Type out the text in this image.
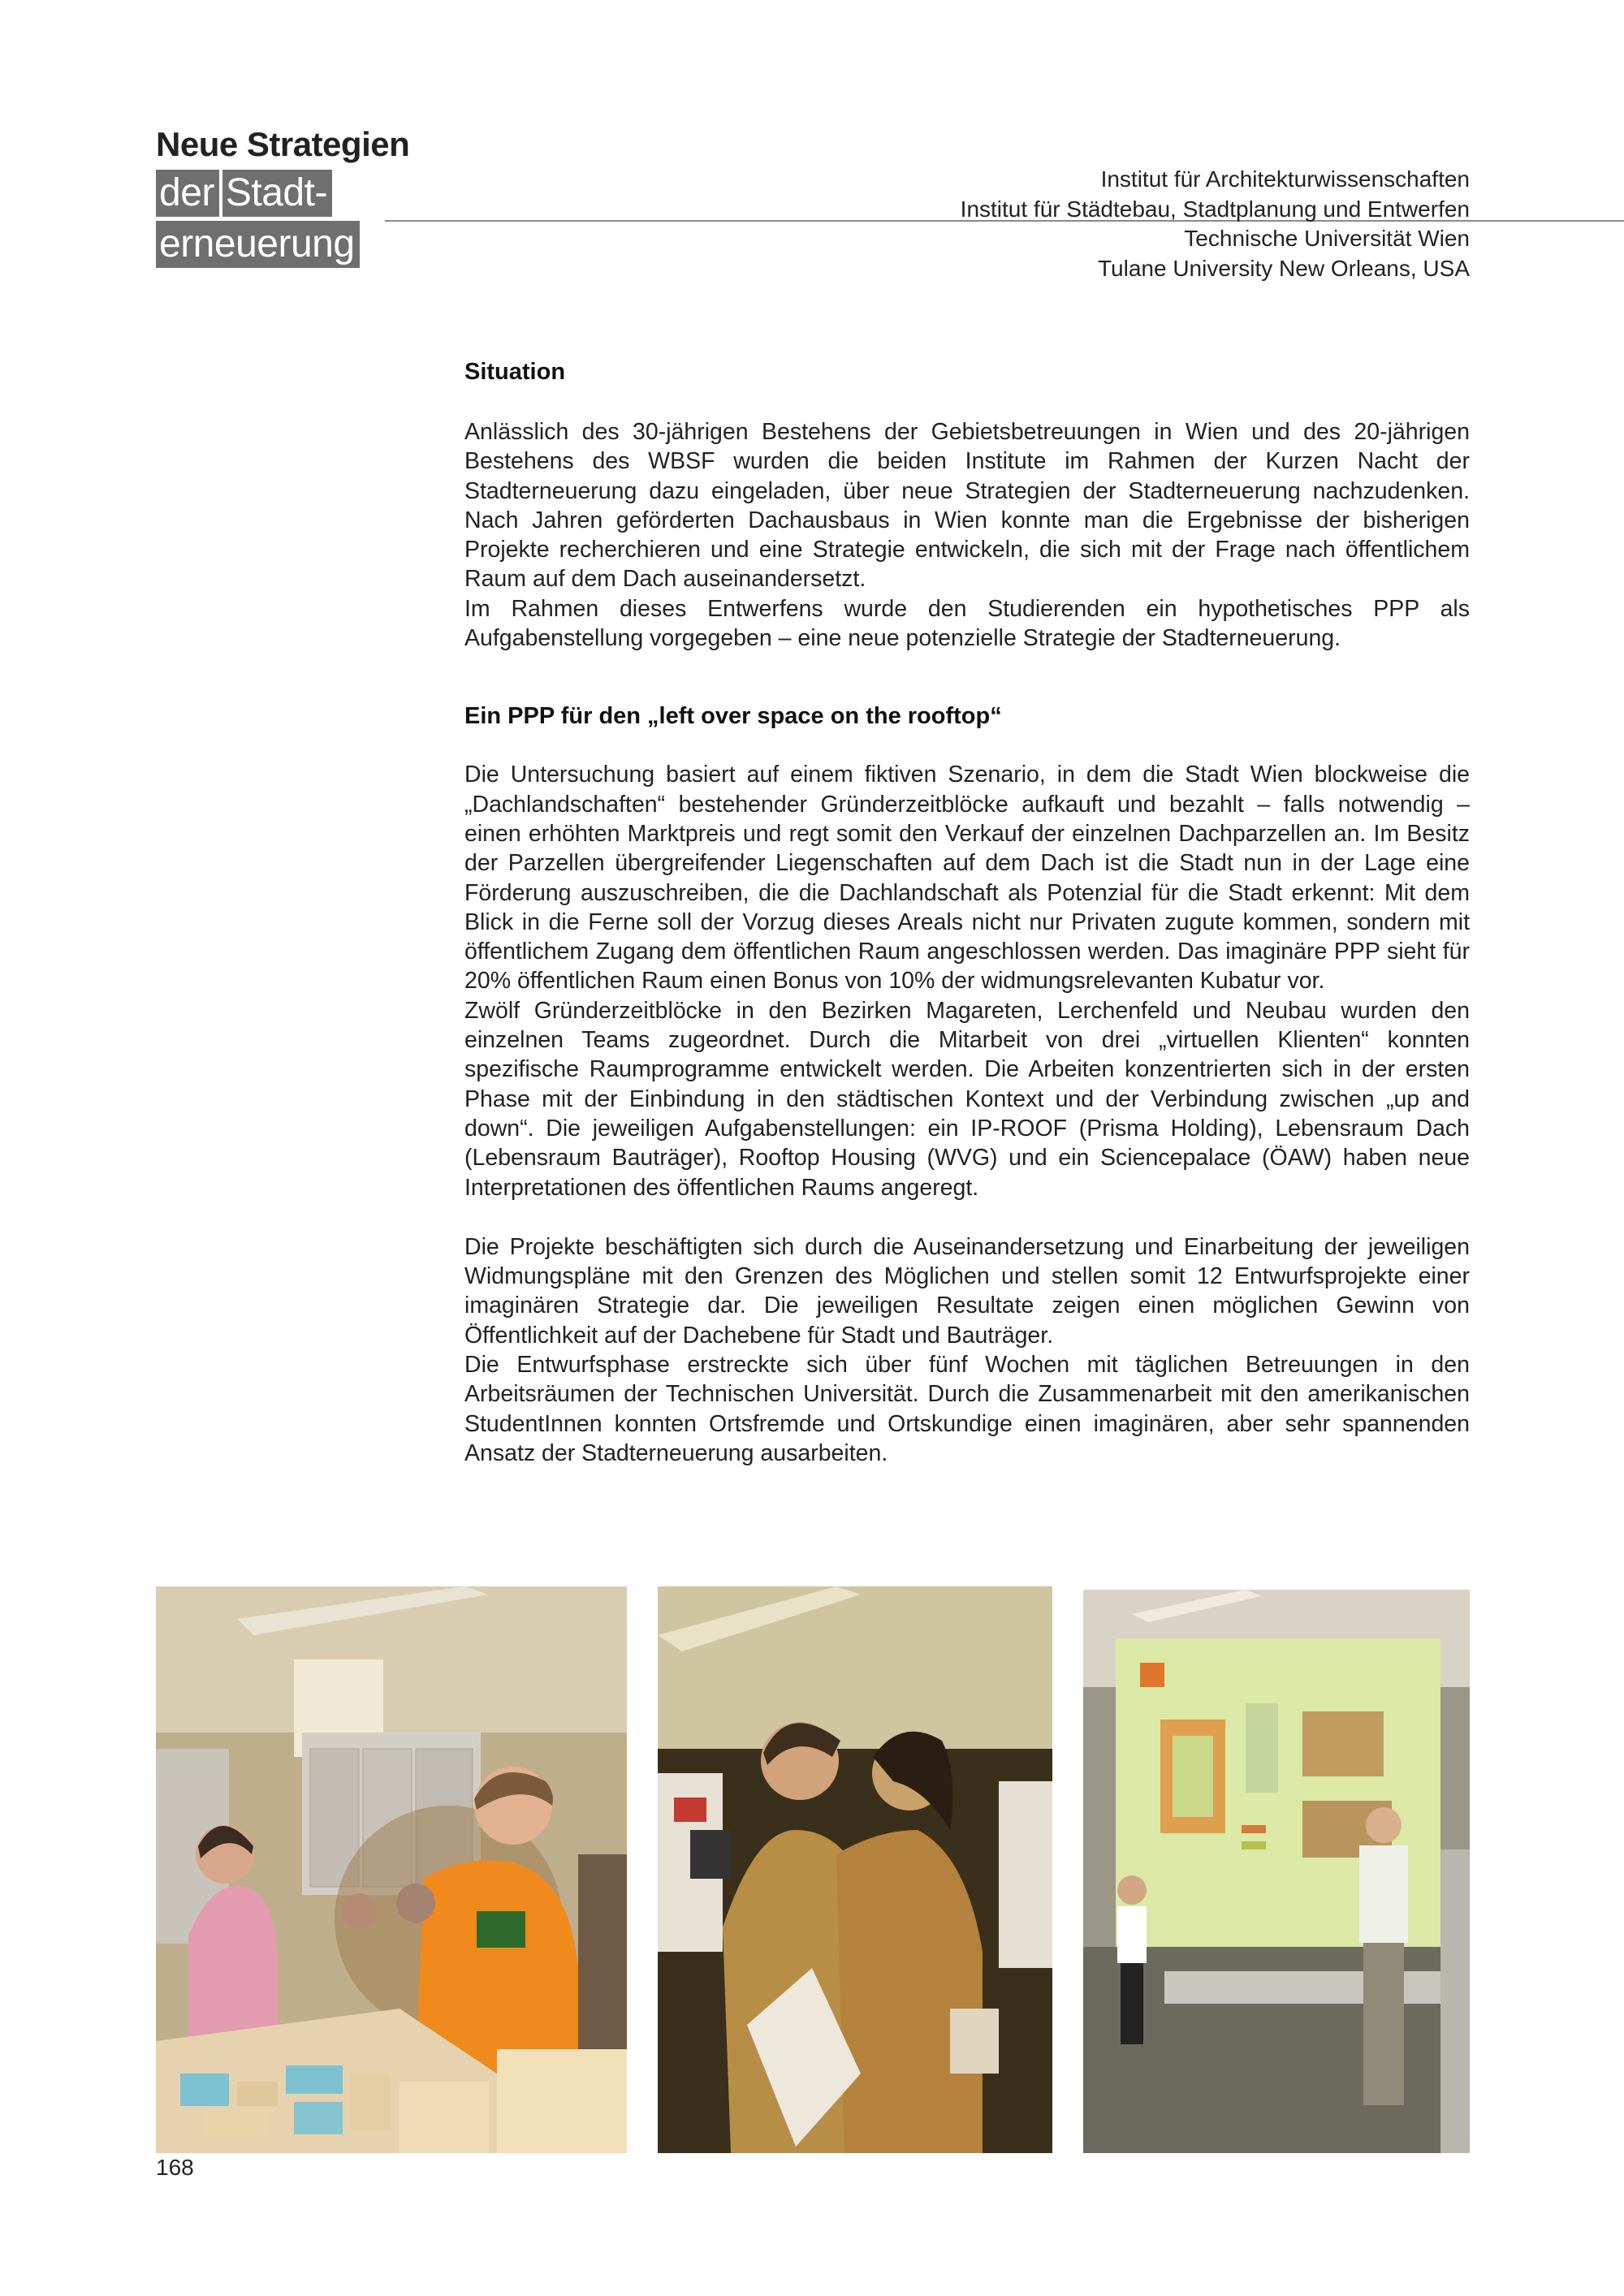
Neue Strategien
der Stadt-
erneuerung
Institut für Architekturwissenschaften
Institut für Städtebau, Stadtplanung und Entwerfen
Technische Universität Wien
Tulane University New Orleans, USA
Situation

Anlässlich des 30-jährigen Bestehens der Gebietsbetreuungen in Wien und des 20-jährigen Bestehens des WBSF wurden die beiden Institute im Rahmen der Kurzen Nacht der Stadterneuerung dazu eingeladen, über neue Strategien der Stadterneuerung nachzudenken. Nach Jahren geförderten Dachausbaus in Wien konnte man die Ergebnisse der bisherigen Projekte recherchieren und eine Strategie entwickeln, die sich mit der Frage nach öffentlichem Raum auf dem Dach auseinandersetzt.

Im Rahmen dieses Entwerfens wurde den Studierenden ein hypothetisches PPP als Aufgabenstellung vorgegeben – eine neue potenzielle Strategie der Stadterneuerung.

Ein PPP für den „left over space on the rooftop“

Die Untersuchung basiert auf einem fiktiven Szenario, in dem die Stadt Wien blockweise die „Dachlandschaften“ bestehender Gründerzeitblöcke aufkauft und bezahlt – falls notwendig – einen erhöhten Marktpreis und regt somit den Verkauf der einzelnen Dachparzellen an. Im Besitz der Parzellen übergreifender Liegenschaften auf dem Dach ist die Stadt nun in der Lage eine Förderung auszuschreiben, die die Dachlandschaft als Potenzial für die Stadt erkennt: Mit dem Blick in die Ferne soll der Vorzug dieses Areals nicht nur Privaten zugute kommen, sondern mit öffentlichem Zugang dem öffentlichen Raum angeschlossen werden. Das imaginäre PPP sieht für 20% öffentlichen Raum einen Bonus von 10% der widmungsrelevanten Kubatur vor.

Zwölf Gründerzeitblöcke in den Bezirken Magareten, Lerchenfeld und Neubau wurden den einzelnen Teams zugeordnet. Durch die Mitarbeit von drei „virtuellen Klienten“ konnten spezifische Raumprogramme entwickelt werden. Die Arbeiten konzentrierten sich in der ersten Phase mit der Einbindung in den städtischen Kontext und der Verbindung zwischen „up and down“. Die jeweiligen Aufgabenstellungen: ein IP-ROOF (Prisma Holding), Lebensraum Dach (Lebensraum Bauträger), Rooftop Housing (WVG) und ein Sciencepalace (ÖAW) haben neue Interpretationen des öffentlichen Raums angeregt.

Die Projekte beschäftigten sich durch die Auseinandersetzung und Einarbeitung der jeweiligen Widmungspläne mit den Grenzen des Möglichen und stellen somit 12 Entwurfsprojekte einer imaginären Strategie dar. Die jeweiligen Resultate zeigen einen möglichen Gewinn von Öffentlichkeit auf der Dachebene für Stadt und Bauträger.

Die Entwurfsphase erstreckte sich über fünf Wochen mit täglichen Betreuungen in den Arbeitsräumen der Technischen Universität. Durch die Zusammenarbeit mit den amerikanischen StudentInnen konnten Ortsfremde und Ortskundige einen imaginären, aber sehr spannenden Ansatz der Stadterneuerung ausarbeiten.

168
